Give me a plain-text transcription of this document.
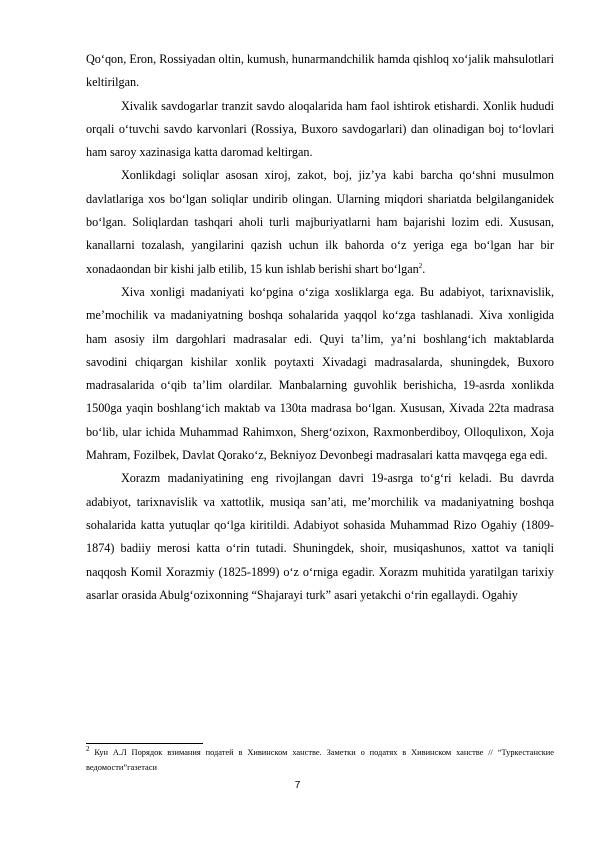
Qo‘qon, Eron, Rossiyadan oltin, kumush, hunarmandchilik hamda qishloq xo‘jalik mahsulotlari keltirilgan.

Xivalik savdogarlar tranzit savdo aloqalarida ham faol ishtirok etishardi. Xonlik hududi orqali o‘tuvchi savdo karvonlari (Rossiya, Buxoro savdogarlari) dan olinadigan boj to‘lovlari ham saroy xazinasiga katta daromad keltirgan.

Xonlikdagi soliqlar asosan xiroj, zakot, boj, jiz’ya kabi barcha qo‘shni musulmon davlatlariga xos bo‘lgan soliqlar undirib olingan. Ularning miqdori shariatda belgilanganidek bo‘lgan. Soliqlardan tashqari aholi turli majburiyatlarni ham bajarishi lozim edi. Xususan, kanallarni tozalash, yangilarini qazish uchun ilk bahorda o‘z yeriga ega bo‘lgan har bir xonadaondan bir kishi jalb etilib, 15 kun ishlab berishi shart bo‘lgan$^2$.

Xiva xonligi madaniyati ko‘pgina o‘ziga xosliklarga ega. Bu adabiyot, tarixnavislik, me’mochilik va madaniyatning boshqa sohalarida yaqqol ko‘zga tashlanadi. Xiva xonligida ham asosiy ilm dargohlari madrasalar edi. Quyi ta’lim, ya’ni boshlang‘ich maktablarda savodini chiqargan kishilar xonlik poytaxti Xivadagi madrasalarda, shuningdek, Buxoro madrasalarida o‘qib ta’lim olardilar. Manbalarning guvohlik berishicha, 19-asrda xonlikda 1500ga yaqin boshlang‘ich maktab va 130ta madrasa bo‘lgan. Xususan, Xivada 22ta madrasa bo‘lib, ular ichida Muhammad Rahimxon, Sherg‘ozixon, Raxmonberdiboy, Olloqulixon, Xoja Mahram, Fozilbek, Davlat Qorako‘z, Bekniyoz Devonbegi madrasalari katta mavqega ega edi.

Xorazm madaniyatining eng rivojlangan davri 19-asrga to‘g‘ri keladi. Bu davrda adabiyot, tarixnavislik va xattotlik, musiqa san’ati, me’morchilik va madaniyatning boshqa sohalarida katta yutuqlar qo‘lga kiritildi. Adabiyot sohasida Muhammad Rizo Ogahiy (1809-1874) badiiy merosi katta o‘rin tutadi. Shuningdek, shoir, musiqashunos, xattot va taniqli naqqosh Komil Xorazmiy (1825-1899) o‘z o‘rniga egadir. Xorazm muhitida yaratilgan tarixiy asarlar orasida Abulg‘ozixonning “Shajarayi turk” asari yetakchi o‘rin egallaydi. Ogahiy

$^2$ Кун А.Л Порядок взимания податей в Хивинском ханстве. Заметки о податях в Хивинском ханстве // “Туркестанские ведомости”газетаси
7
